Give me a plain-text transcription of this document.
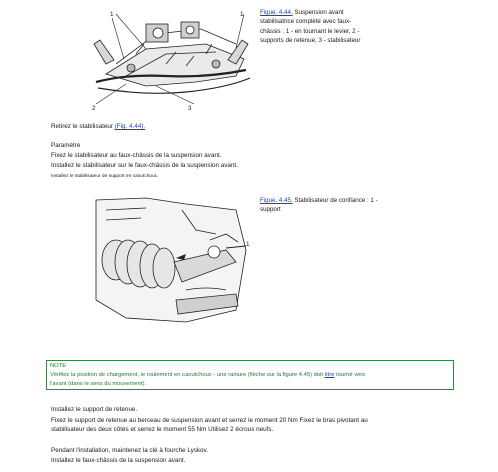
1	1
2	3
Figue. 4.44. Suspension avant
stabilisatrice complète avec faux-
châssis : 1 - en tournant le levier, 2 -
supports de retenue, 3 - stabilisateur
Retirez le stabilisateur (Fig. 4.44).
Paramètre
Fixez le stabilisateur au faux-châssis de la suspension avant.
Installez le stabilisateur sur le faux-châssis de la suspension avant.
Installez le stabilisateur de support en caoutchouc.
1
Figue. 4.45. Stabilisateur de confiance : 1 -
support
NOTE
Vérifiez la position de chargement, le roulement en caoutchouc - une rainure (flèche sur la figure 4.45) doit être tourné vers
l'avant (dans le sens du mouvement).
Installez le support de retenue.
Fixez le support de retenue au berceau de suspension avant et serrez le moment 20 Nm Fixez le bras pivotant au
stabilisateur des deux côtés et serrez le moment 55 Nm Utilisez 2 écrous neufs.
Pendant l'installation, maintenez la clé à fourche Lyskov.
Installez le faux-châssis de la suspension avant.
